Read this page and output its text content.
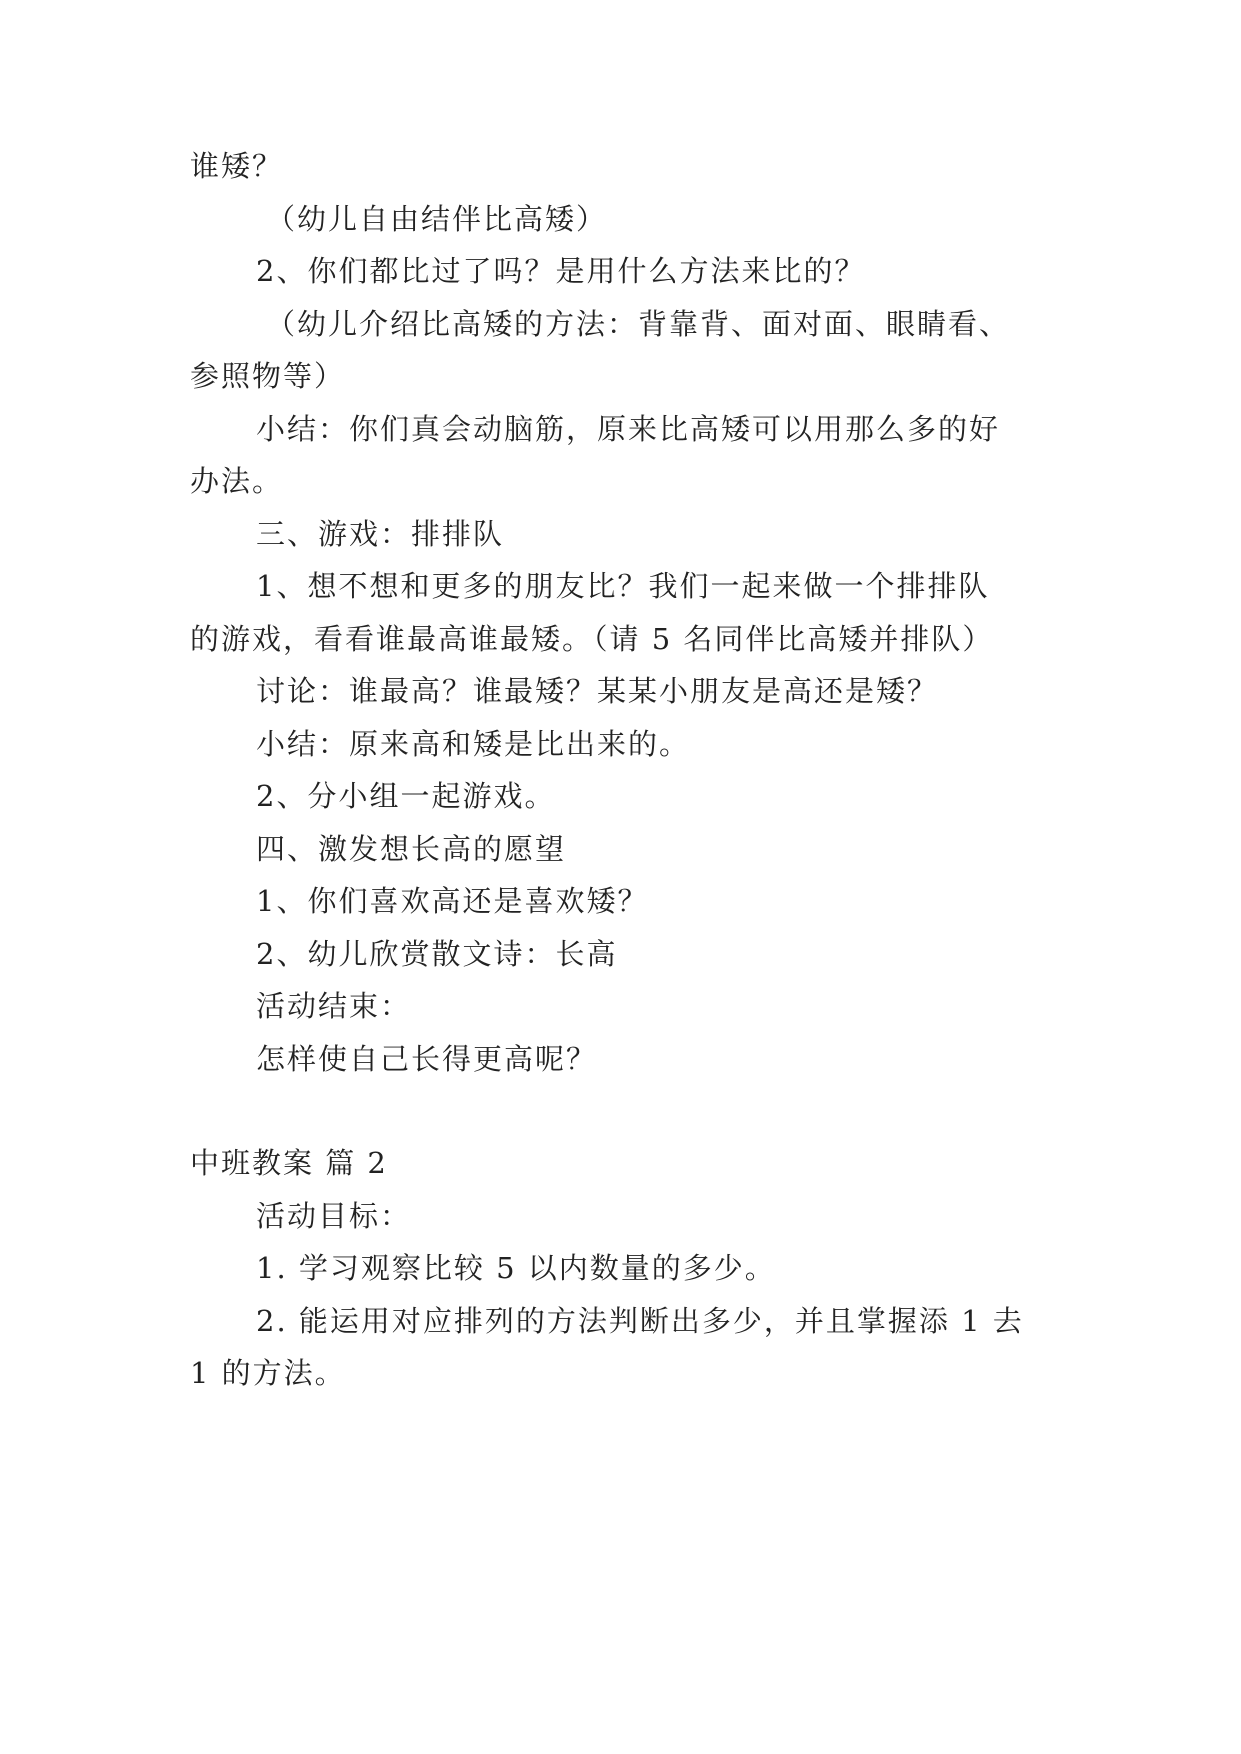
谁矮？
（幼儿自由结伴比高矮）
2、你们都比过了吗？是用什么方法来比的？
（幼儿介绍比高矮的方法：背靠背、面对面、眼睛看、
参照物等）
小结：你们真会动脑筋，原来比高矮可以用那么多的好
办法。
三、游戏：排排队
1、想不想和更多的朋友比？我们一起来做一个排排队
的游戏，看看谁最高谁最矮。（请 5 名同伴比高矮并排队）
讨论：谁最高？谁最矮？某某小朋友是高还是矮？
小结：原来高和矮是比出来的。
2、分小组一起游戏。
四、激发想长高的愿望
1、你们喜欢高还是喜欢矮？
2、幼儿欣赏散文诗：长高
活动结束：
怎样使自己长得更高呢？
中班教案 篇 2
活动目标：
1. 学习观察比较 5 以内数量的多少。
2. 能运用对应排列的方法判断出多少，并且掌握添 1 去
1 的方法。
